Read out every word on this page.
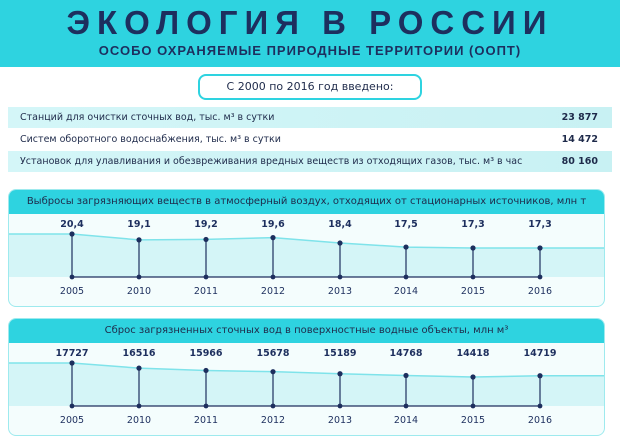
ЭКОЛОГИЯ В РОССИИ
ОСОБО ОХРАНЯЕМЫЕ ПРИРОДНЫЕ ТЕРРИТОРИИ (ООПТ)
С 2000 по 2016 год введено:
Станций для очистки сточных вод, тыс. м³ в сутки	23 877
Систем оборотного водоснабжения, тыс. м³ в сутки	14 472
Установок для улавливания и обезвреживания вредных веществ из отходящих газов, тыс. м³ в час	80 160
Выбросы загрязняющих веществ в атмосферный воздух, отходящих от стационарных источников, млн т
20,4
2005
19,1
2010
19,2
2011
19,6
2012
18,4
2013
17,5
2014
17,3
2015
17,3
2016
Сброс загрязненных сточных вод в поверхностные водные объекты, млн м³
17727
2005
16516
2010
15966
2011
15678
2012
15189
2013
14768
2014
14418
2015
14719
2016
